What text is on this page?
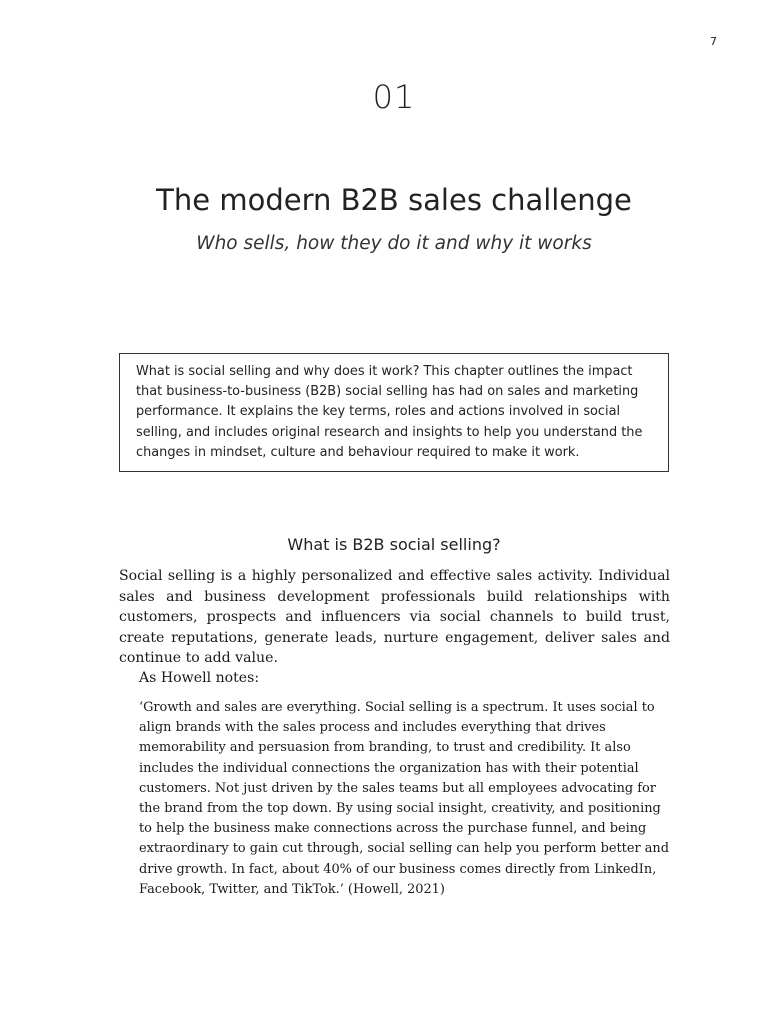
7
01
The modern B2B sales challenge
Who sells, how they do it and why it works
What is social selling and why does it work? This chapter outlines the impact that business-to-business (B2B) social selling has had on sales and marketing performance. It explains the key terms, roles and actions involved in social selling, and includes original research and insights to help you understand the changes in mindset, culture and behaviour required to make it work.
What is B2B social selling?

Social selling is a highly personalized and effective sales activity. Individual sales and business development professionals build relationships with customers, prospects and influencers via social channels to build trust, create reputations, generate leads, nurture engagement, deliver sales and continue to add value.

As Howell notes:

‘Growth and sales are everything. Social selling is a spectrum. It uses social to align brands with the sales process and includes everything that drives memorability and persuasion from branding, to trust and credibility. It also includes the individual connections the organization has with their potential customers. Not just driven by the sales teams but all employees advocating for the brand from the top down. By using social insight, creativity, and positioning to help the business make connections across the purchase funnel, and being extraordinary to gain cut through, social selling can help you perform better and drive growth. In fact, about 40% of our business comes directly from LinkedIn, Facebook, Twitter, and TikTok.’ (Howell, 2021)
